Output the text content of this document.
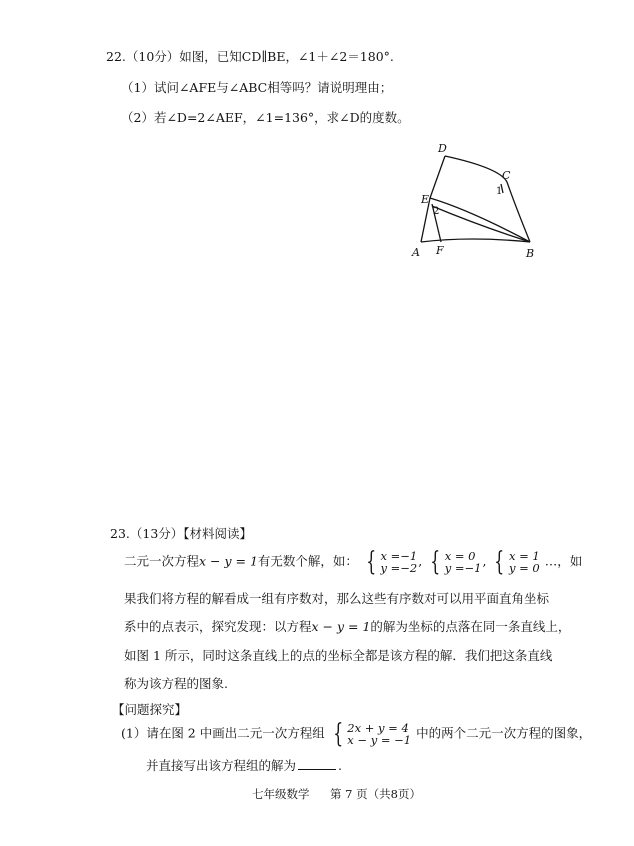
22.（10分）如图，已知CD∥BE，∠1＋∠2＝180°.
（1）试问∠AFE与∠ABC相等吗？请说明理由；
（2）若∠D=2∠AEF，∠1=136°，求∠D的度数。
D
C
1
E
2
A F	B
23.（13分）【材料阅读】
二元一次方程x − y = 1有无数个解，如： { x =−1
y =−2 , { x = 0
y =−1 , { x = 1
y = 0 …，如
果我们将方程的解看成一组有序数对，那么这些有序数对可以用平面直角坐标
系中的点表示，探究发现：以方程x − y = 1的解为坐标的点落在同一条直线上，
如图 1 所示，同时这条直线上的点的坐标全都是该方程的解．我们把这条直线
称为该方程的图象.
【问题探究】
(1）请在图 2 中画出二元一次方程组 { 2x + y = 4
x − y = −1 中的两个二元一次方程的图象，
并直接写出该方程组的解为	.
七年级数学 第 7 页（共8页）
